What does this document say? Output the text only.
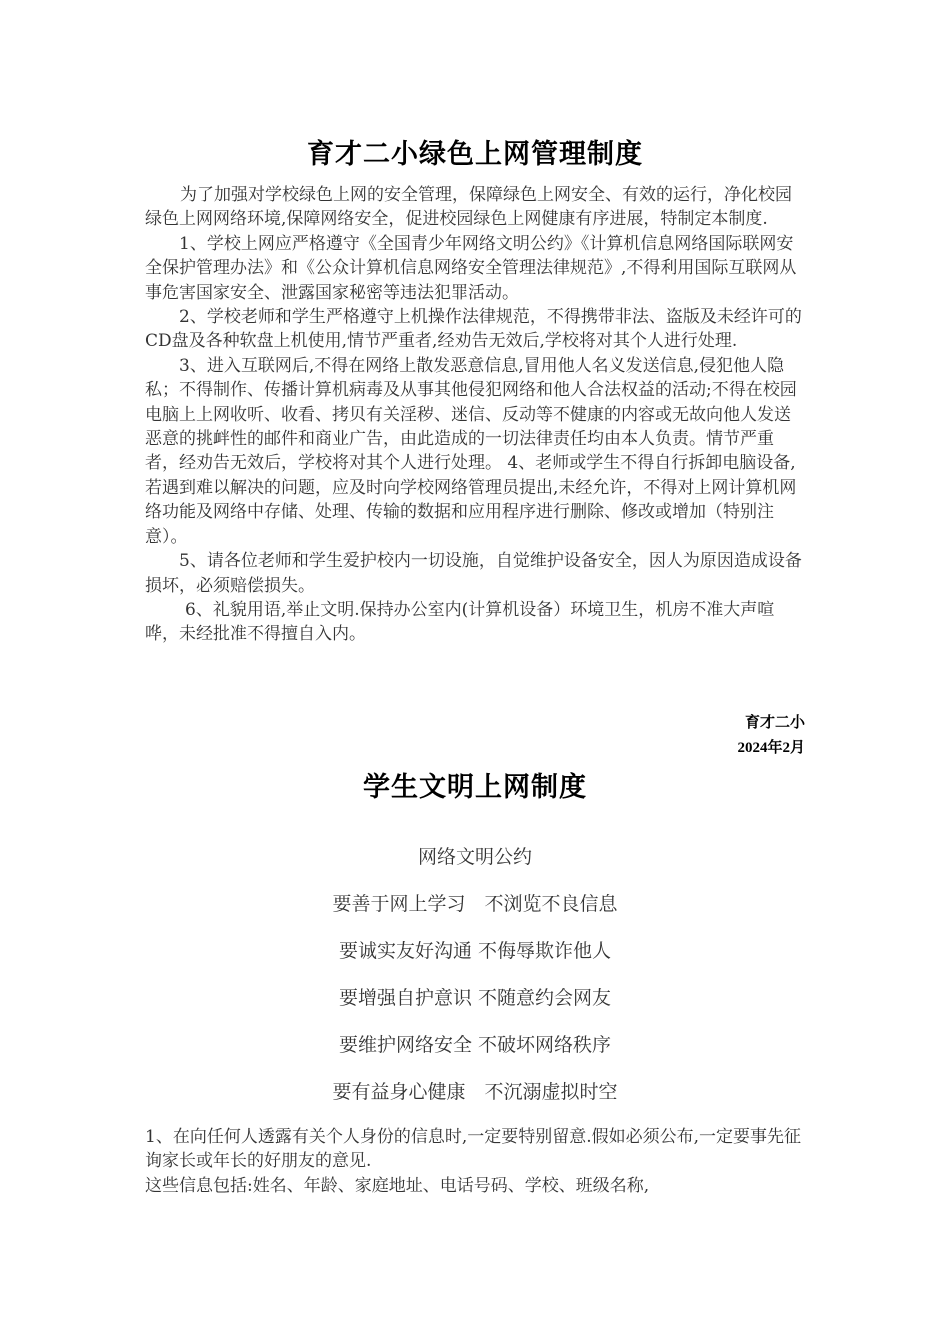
育才二小绿色上网管理制度

为了加强对学校绿色上网的安全管理，保障绿色上网安全、有效的运行，净化校园绿色上网网络环境,保障网络安全，促进校园绿色上网健康有序进展，特制定本制度.

1、学校上网应严格遵守《全国青少年网络文明公约》《计算机信息网络国际联网安全保护管理办法》和《公众计算机信息网络安全管理法律规范》,不得利用国际互联网从事危害国家安全、泄露国家秘密等违法犯罪活动。

2、学校老师和学生严格遵守上机操作法律规范，不得携带非法、盗版及未经许可的CD盘及各种软盘上机使用,情节严重者,经劝告无效后,学校将对其个人进行处理.

3、进入互联网后,不得在网络上散发恶意信息,冒用他人名义发送信息,侵犯他人隐私；不得制作、传播计算机病毒及从事其他侵犯网络和他人合法权益的活动;不得在校园电脑上上网收听、收看、拷贝有关淫秽、迷信、反动等不健康的内容或无故向他人发送恶意的挑衅性的邮件和商业广告，由此造成的一切法律责任均由本人负责。情节严重者，经劝告无效后，学校将对其个人进行处理。 4、老师或学生不得自行拆卸电脑设备,若遇到难以解决的问题，应及时向学校网络管理员提出,未经允许，不得对上网计算机网络功能及网络中存储、处理、传输的数据和应用程序进行删除、修改或增加（特别注意）。

5、请各位老师和学生爱护校内一切设施，自觉维护设备安全，因人为原因造成设备损坏，必须赔偿损失。

6、礼貌用语,举止文明.保持办公室内(计算机设备）环境卫生，机房不准大声喧哗，未经批准不得擅自入内。

育才二小
2024年2月
学生文明上网制度
网络文明公约
要善于网上学习　不浏览不良信息
要诚实友好沟通 不侮辱欺诈他人
要增强自护意识 不随意约会网友
要维护网络安全 不破坏网络秩序
要有益身心健康　不沉溺虚拟时空

1、在向任何人透露有关个人身份的信息时,一定要特别留意.假如必须公布,一定要事先征询家长或年长的好朋友的意见.

这些信息包括:姓名、年龄、家庭地址、电话号码、学校、班级名称,
